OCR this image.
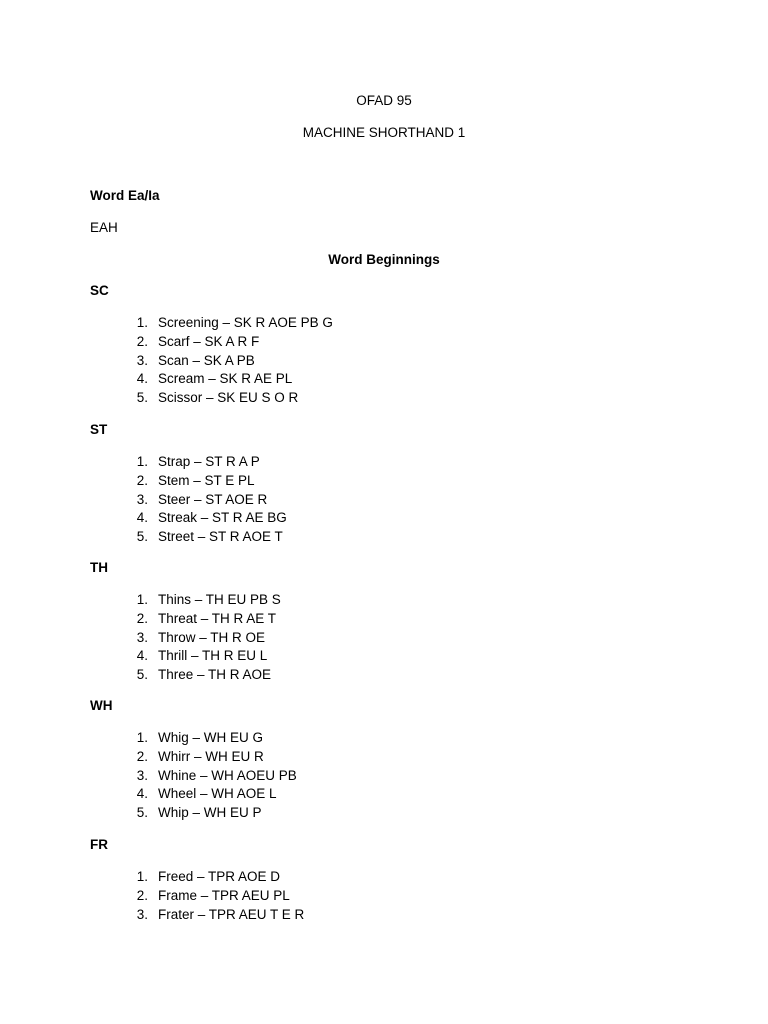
OFAD 95
MACHINE SHORTHAND 1
Word Ea/Ia
EAH
Word Beginnings
SC
1. Screening – SK R AOE PB G
2. Scarf – SK A R F
3. Scan – SK A PB
4. Scream – SK R AE PL
5. Scissor – SK EU S O R
ST
1. Strap – ST R A P
2. Stem – ST E PL
3. Steer – ST AOE R
4. Streak – ST R AE BG
5. Street – ST R AOE T
TH
1. Thins – TH EU PB S
2. Threat – TH R AE T
3. Throw – TH R OE
4. Thrill – TH R EU L
5. Three – TH R AOE
WH
1. Whig – WH EU G
2. Whirr – WH EU R
3. Whine – WH AOEU PB
4. Wheel – WH AOE L
5. Whip – WH EU P
FR
1. Freed – TPR AOE D
2. Frame – TPR AEU PL
3. Frater – TPR AEU T E R
